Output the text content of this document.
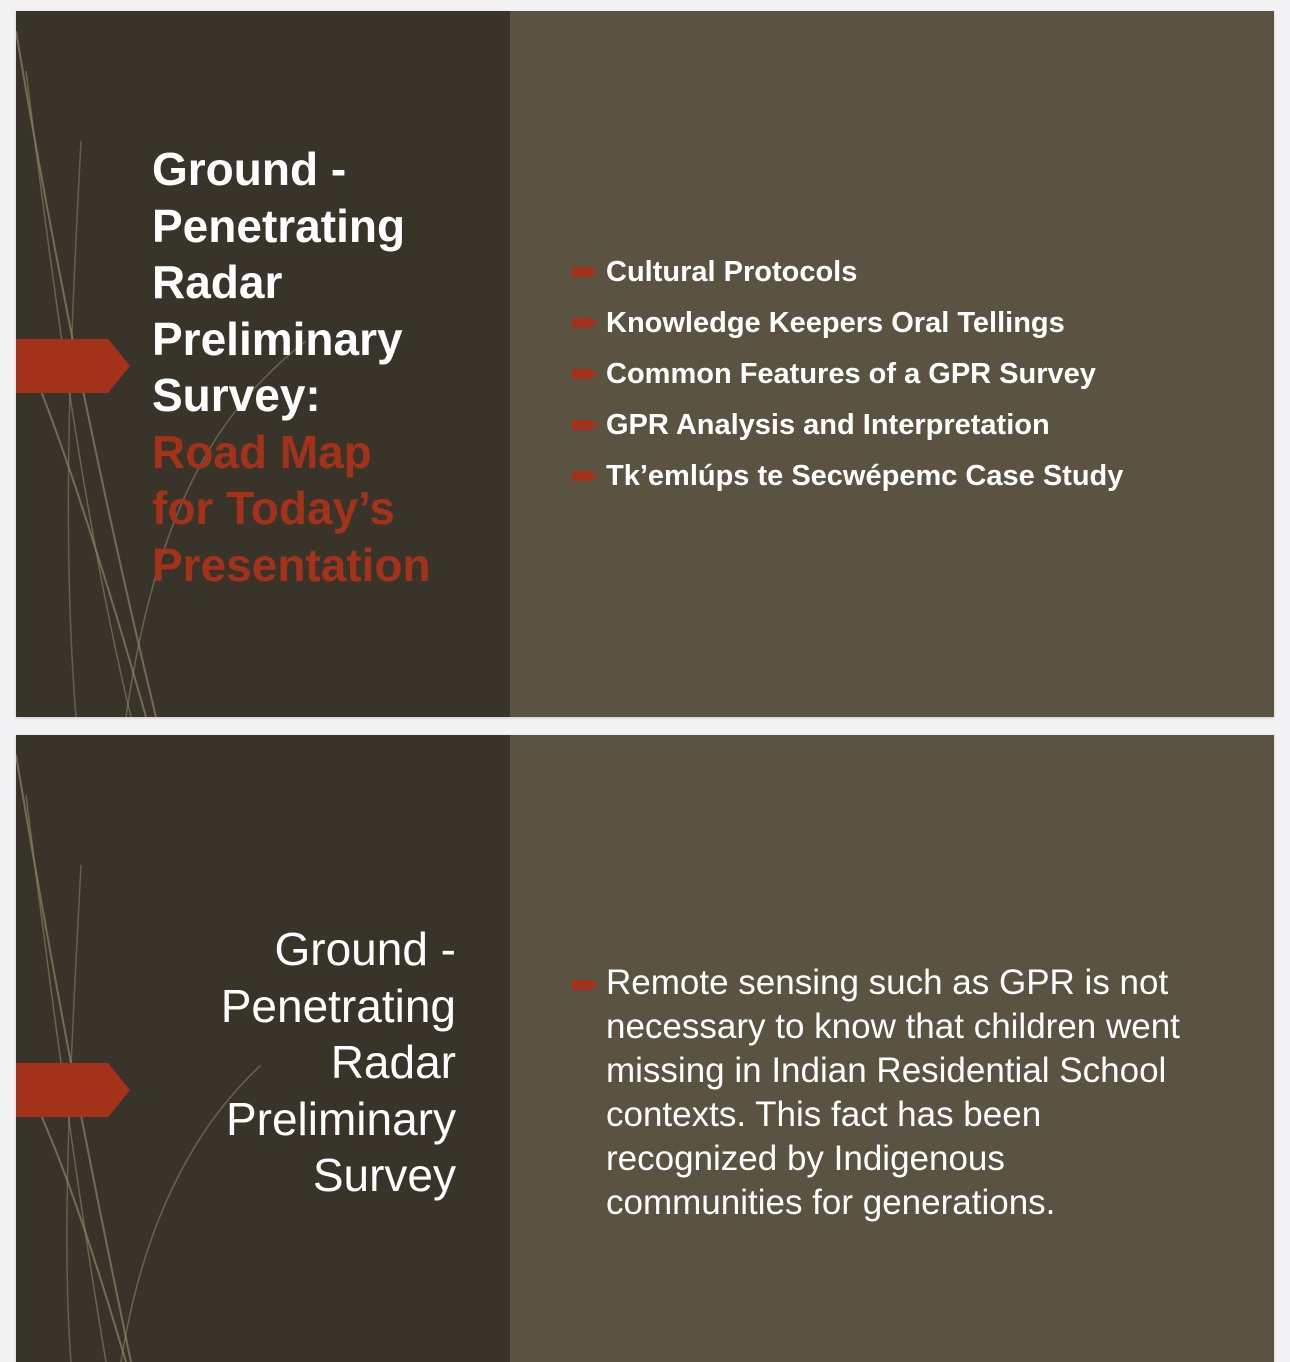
Ground -
Penetrating
Radar
Preliminary
Survey:
Road Map
for Today’s
Presentation
Cultural Protocols
Knowledge Keepers Oral Tellings
Common Features of a GPR Survey
GPR Analysis and Interpretation
Tk’emlúps te Secwépemc Case Study
Ground -
Penetrating
Radar
Preliminary
Survey

Remote sensing such as GPR is not necessary to know that children went missing in Indian Residential School contexts. This fact has been recognized by Indigenous communities for generations.
